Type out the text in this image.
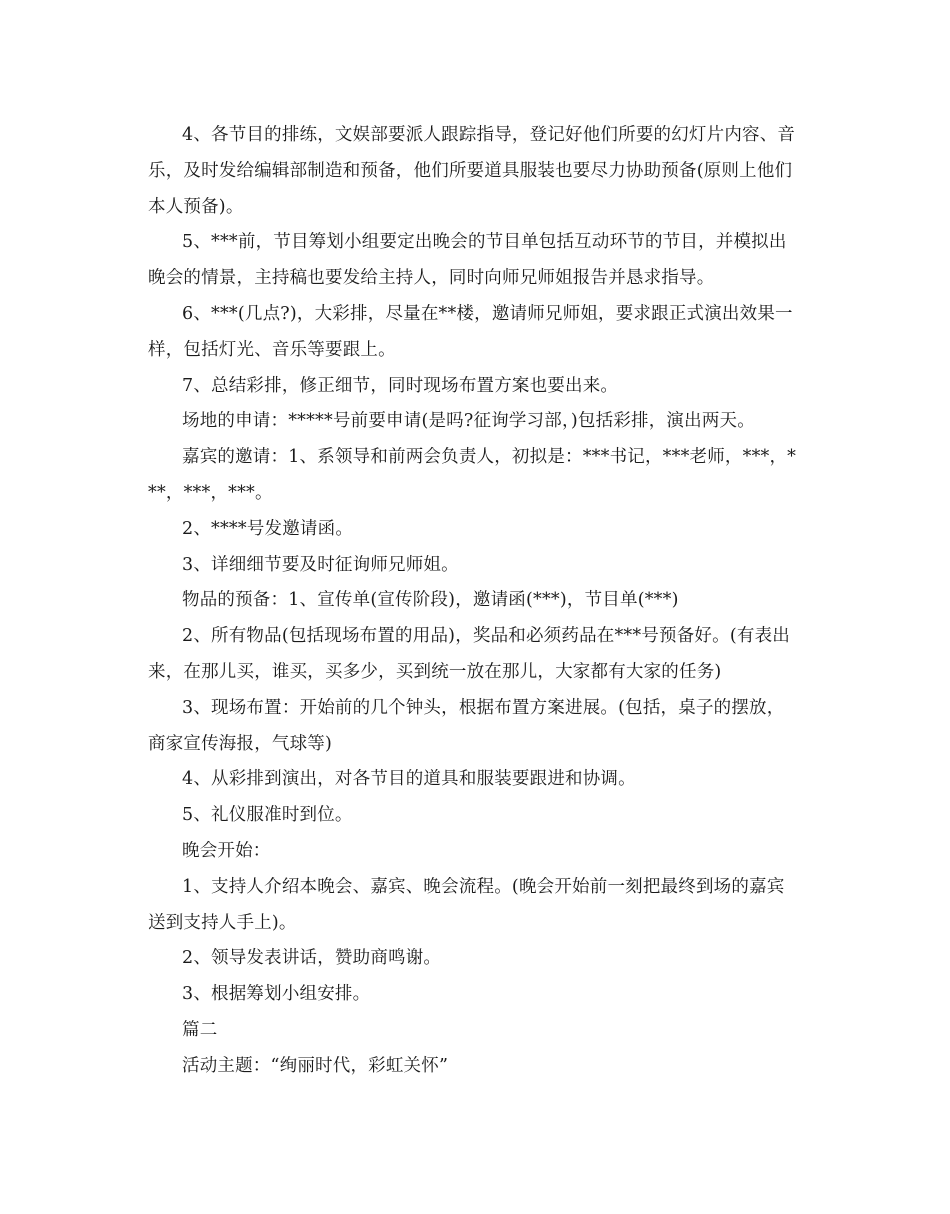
4、各节目的排练，文娱部要派人跟踪指导，登记好他们所要的幻灯片内容、音乐，及时发给编辑部制造和预备，他们所要道具服装也要尽力协助预备(原则上他们本人预备)。

5、***前，节目筹划小组要定出晚会的节目单包括互动环节的节目，并模拟出晚会的情景，主持稿也要发给主持人，同时向师兄师姐报告并恳求指导。

6、***(几点?)，大彩排，尽量在**楼，邀请师兄师姐，要求跟正式演出效果一样，包括灯光、音乐等要跟上。

7、总结彩排，修正细节，同时现场布置方案也要出来。

场地的申请：*****号前要申请(是吗?征询学习部，)包括彩排，演出两天。

嘉宾的邀请：1、系领导和前两会负责人，初拟是：***书记，***老师，***，***，***，***。

2、****号发邀请函。

3、详细细节要及时征询师兄师姐。

物品的预备：1、宣传单(宣传阶段)，邀请函(***)，节目单(***)

2、所有物品(包括现场布置的用品)，奖品和必须药品在***号预备好。(有表出来，在那儿买，谁买，买多少，买到统一放在那儿，大家都有大家的任务)

3、现场布置：开始前的几个钟头，根据布置方案进展。(包括，桌子的摆放，商家宣传海报，气球等)

4、从彩排到演出，对各节目的道具和服装要跟进和协调。

5、礼仪服准时到位。

晚会开始：

1、支持人介绍本晚会、嘉宾、晚会流程。(晚会开始前一刻把最终到场的嘉宾送到支持人手上)。

2、领导发表讲话，赞助商鸣谢。

3、根据筹划小组安排。

篇二

活动主题：“绚丽时代，彩虹关怀”
